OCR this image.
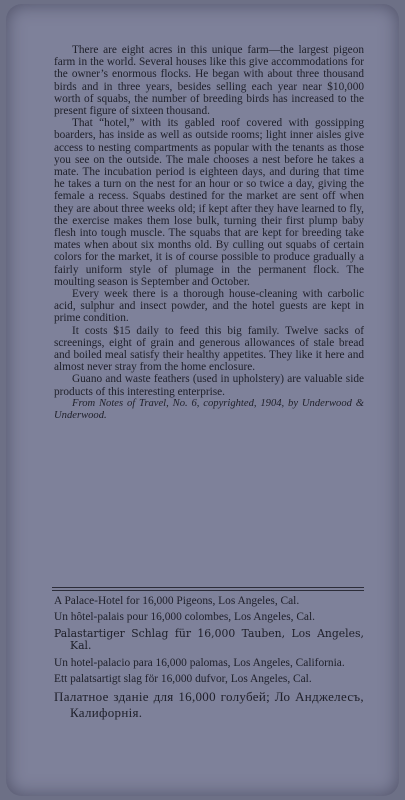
There are eight acres in this unique farm—the largest pigeon farm in the world. Several houses like this give accommodations for the owner’s enormous flocks. He began with about three thousand birds and in three years, besides selling each year near $10,000 worth of squabs, the number of breeding birds has increased to the present figure of sixteen thousand.

That “hotel,” with its gabled roof covered with gossipping boarders, has inside as well as outside rooms; light inner aisles give access to nesting compartments as popular with the tenants as those you see on the outside. The male chooses a nest before he takes a mate. The incubation period is eighteen days, and during that time he takes a turn on the nest for an hour or so twice a day, giving the female a recess. Squabs destined for the market are sent off when they are about three weeks old; if kept after they have learned to fly, the exercise makes them lose bulk, turning their first plump baby flesh into tough muscle. The squabs that are kept for breeding take mates when about six months old. By culling out squabs of certain colors for the market, it is of course possible to produce gradually a fairly uniform style of plumage in the permanent flock. The moulting season is September and October.

Every week there is a thorough house-cleaning with carbolic acid, sulphur and insect powder, and the hotel guests are kept in prime condition.

It costs $15 daily to feed this big family. Twelve sacks of screenings, eight of grain and generous allowances of stale bread and boiled meal satisfy their healthy appetites. They like it here and almost never stray from the home enclosure.

Guano and waste feathers (used in upholstery) are valuable side products of this interesting enterprise.

From Notes of Travel, No. 6, copyrighted, 1904, by Underwood & Underwood.

A Palace-Hotel for 16,000 Pigeons, Los Angeles, Cal.

Un hôtel-palais pour 16,000 colombes, Los Angeles, Cal.

Palastartiger Schlag für 16,000 Tauben, Los Angeles, Kal.

Un hotel-palacio para 16,000 palomas, Los Angeles, California.

Ett palatsartigt slag för 16,000 dufvor, Los Angeles, Cal.

Палатное зданіе для 16,000 голубей; Ло Анджелесъ, Калифорнія.
